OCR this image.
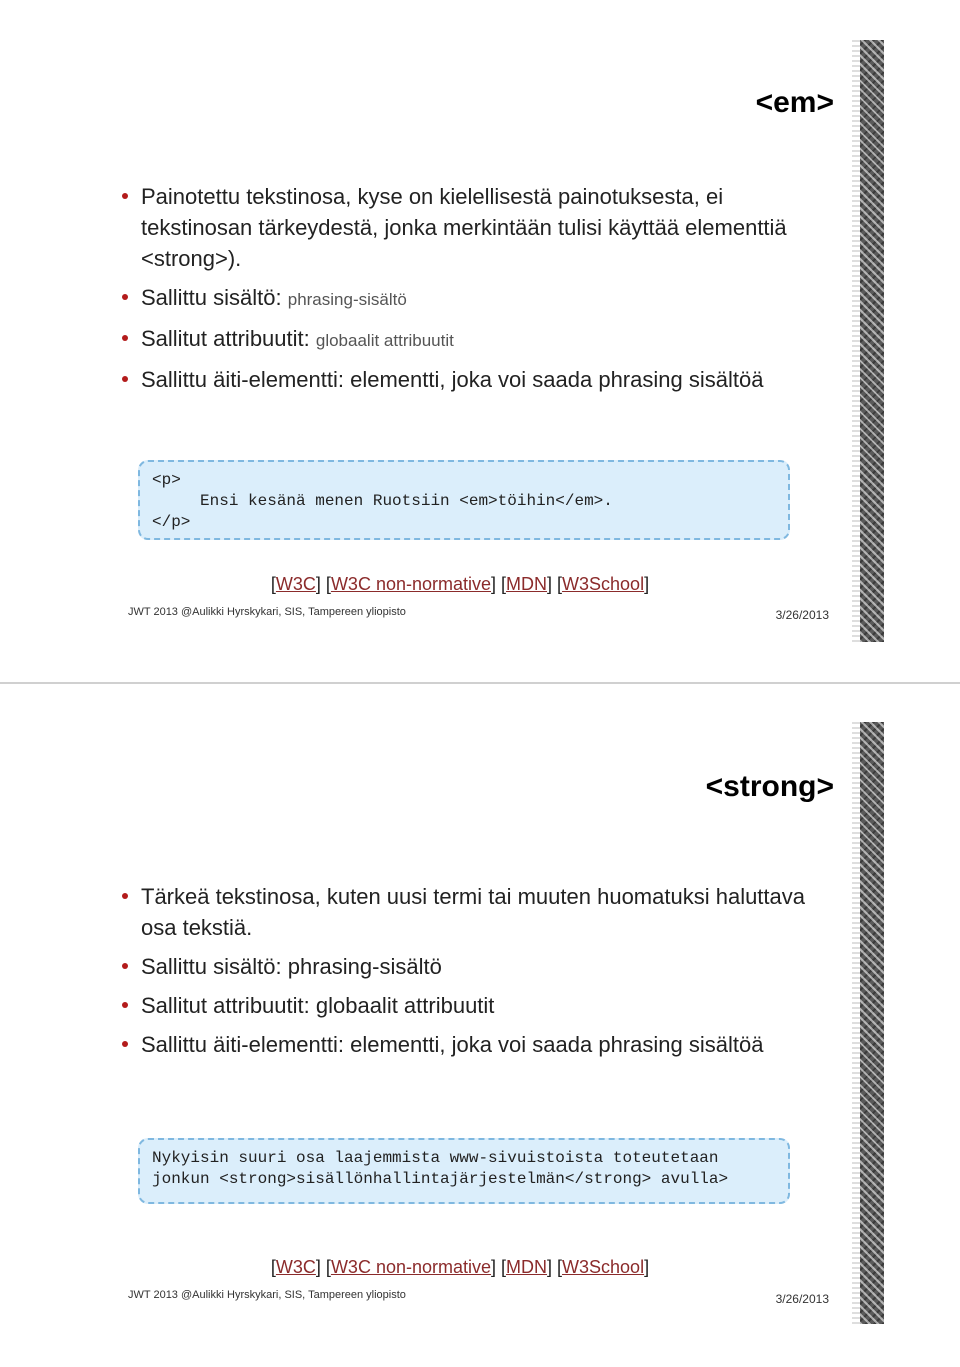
<em>
Painotettu tekstinosa, kyse on kielellisestä painotuksesta, ei tekstinosan tärkeydestä, jonka merkintään tulisi käyttää elementtiä <strong>).
Sallittu sisältö: phrasing-sisältö
Sallitut attribuutit: globaalit attribuutit
Sallittu äiti-elementti: elementti, joka voi saada phrasing sisältöä
<p>
Ensi kesänä menen Ruotsiin <em>töihin</em>.
</p>
[W3C] [W3C non-normative] [MDN] [W3School]
JWT 2013 @Aulikki Hyrskykari, SIS, Tampereen yliopisto	3/26/2013
<strong>
Tärkeä tekstinosa, kuten uusi termi tai muuten huomatuksi haluttava osa tekstiä.
Sallittu sisältö: phrasing-sisältö
Sallitut attribuutit: globaalit attribuutit
Sallittu äiti-elementti: elementti, joka voi saada phrasing sisältöä
Nykyisin suuri osa laajemmista www-sivuistoista toteutetaan
jonkun <strong>sisällönhallintajärjestelmän</strong> avulla>
[W3C] [W3C non-normative] [MDN] [W3School]
JWT 2013 @Aulikki Hyrskykari, SIS, Tampereen yliopisto	3/26/2013
